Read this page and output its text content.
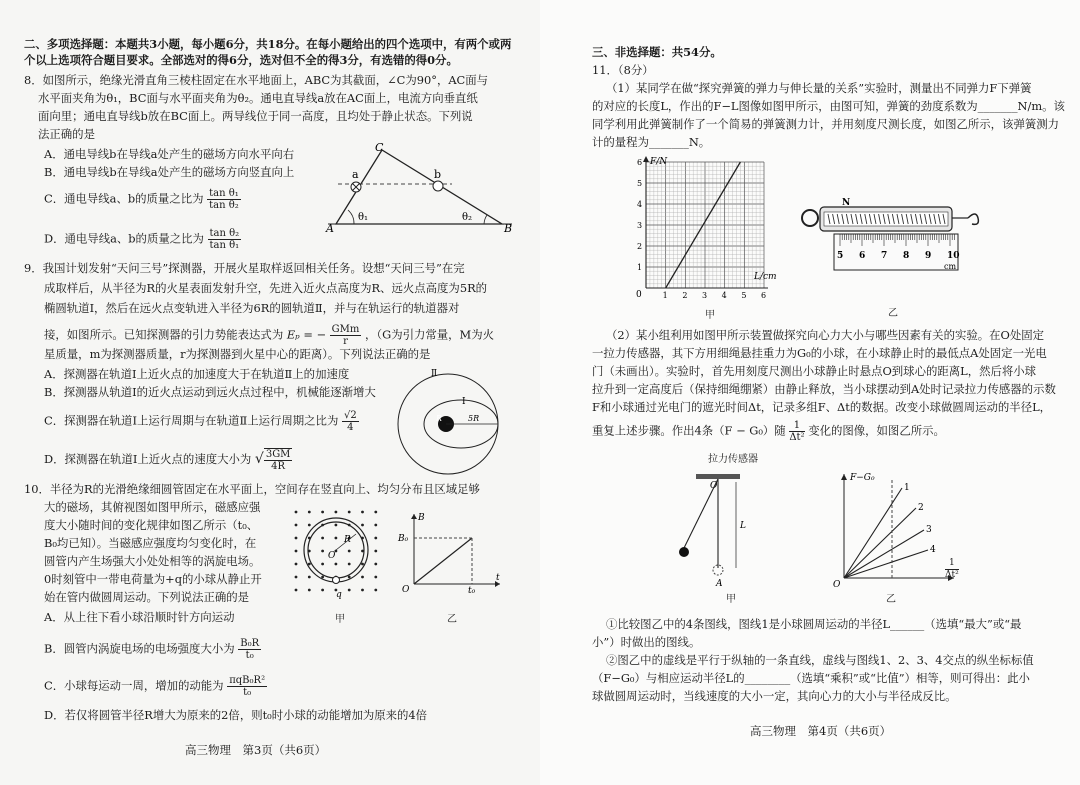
二、多项选择题：本题共3小题，每小题6分，共18分。在每小题给出的四个选项中，有两个或两
个以上选项符合题目要求。全部选对的得6分，选对但不全的得3分，有选错的得0分。
8．如图所示，绝缘光滑直角三棱柱固定在水平地面上，ABC为其截面，∠C为90°，AC面与
水平面夹角为θ₁，BC面与水平面夹角为θ₂。通电直导线a放在AC面上，电流方向垂直纸
面向里；通电直导线b放在BC面上。两导线位于同一高度，且均处于静止状态。下列说
法正确的是
A．通电导线b在导线a处产生的磁场方向水平向右
B．通电导线b在导线a处产生的磁场方向竖直向上
C．通电导线a、b的质量之比为 $\frac{\text{tan θ₁}}{\text{tan θ₂}}$
D．通电导线a、b的质量之比为 $\frac{\text{tan θ₂}}{\text{tan θ₁}}$
C
A	B
a	b
θ₁	θ₂
9．我国计划发射“天问三号”探测器，开展火星取样返回相关任务。设想“天问三号”在完
成取样后，从半径为R的火星表面发射升空，先进入近火点高度为R、远火点高度为5R的
椭圆轨道Ⅰ，然后在远火点变轨进入半径为6R的圆轨道Ⅱ，并与在轨运行的轨道器对
接，如图所示。已知探测器的引力势能表达式为 Eₚ = − $\frac{\text{GMm}}{r}$ ，（G为引力常量，M为火
星质量，m为探测器质量，r为探测器到火星中心的距离）。下列说法正确的是
A．探测器在轨道Ⅰ上近火点的加速度大于在轨道Ⅱ上的加速度
B．探测器从轨道Ⅰ的近火点运动到远火点过程中，机械能逐渐增大
C．探测器在轨道Ⅰ上运行周期与在轨道Ⅱ上运行周期之比为 $\frac{√2}{4}$
D．探测器在轨道Ⅰ上近火点的速度大小为 √ $\frac{3GM}{4R}$
Ⅱ
Ⅰ
R	5R
10．半径为R的光滑绝缘细圆管固定在水平面上，空间存在竖直向上、均匀分布且区域足够
大的磁场，其俯视图如图甲所示，磁感应强
度大小随时间的变化规律如图乙所示（t₀、
B₀均已知）。当磁感应强度均匀变化时，在
圆管内产生场强大小处处相等的涡旋电场。
0时刻管中一带电荷量为+q的小球从静止开
始在管内做圆周运动。下列说法正确的是
A．从上往下看小球沿顺时针方向运动
B．圆管内涡旋电场的电场强度大小为 $\frac{\text{B₀R}}{\text{t₀}}$
C．小球每运动一周，增加的动能为 $\frac{\text{πqB₀R²}}{\text{t₀}}$
D．若仅将圆管半径R增大为原来的2倍，则t₀时小球的动能增加为原来的4倍
O
R
q
甲
B
B₀
O
t
t₀
乙
高三物理　第3页（共6页）
三、非选择题：共54分。
11．（8分）
（1）某同学在做“探究弹簧的弹力与伸长量的关系”实验时，测量出不同弹力F下弹簧
的对应的长度L，作出的F−L图像如图甲所示，由图可知，弹簧的劲度系数为_______N/m。该
同学利用此弹簧制作了一个简易的弹簧测力计，并用刻度尺测长度，如图乙所示，该弹簧测力
计的量程为_______N。
1 2 3 4 5 6
1
2
3
4
5
6 F/N
L/cm
0
甲
N
5 6 7 8 9 10
cm
乙
（2）某小组利用如图甲所示装置做探究向心力大小与哪些因素有关的实验。在O处固定
一拉力传感器，其下方用细绳悬挂重力为G₀的小球，在小球静止时的最低点A处固定一光电
门（未画出）。实验时，首先用刻度尺测出小球静止时悬点O到球心的距离L，然后将小球
拉升到一定高度后（保持细绳绷紧）由静止释放，当小球摆动到A处时记录拉力传感器的示数
F和小球通过光电门的遮光时间Δt，记录多组F、Δt的数据。改变小球做圆周运动的半径L，
重复上述步骤。作出4条（F − G₀）随 $\frac{1}{\text{Δt²}}$ 变化的图像，如图乙所示。
O
L
A
拉力传感器
甲
F−G₀
O
1
2
3
4
$\frac{1}{\text{Δt²}}$
乙
①比较图乙中的4条图线，图线1是小球圆周运动的半径L______（选填“最大”或“最
小”）时做出的图线。
②图乙中的虚线是平行于纵轴的一条直线，虚线与图线1、2、3、4交点的纵坐标标值
（F−G₀）与相应运动半径L的________（选填“乘积”或“比值”）相等，则可得出：此小
球做圆周运动时，当线速度的大小一定，其向心力的大小与半径成反比。
高三物理　第4页（共6页）
